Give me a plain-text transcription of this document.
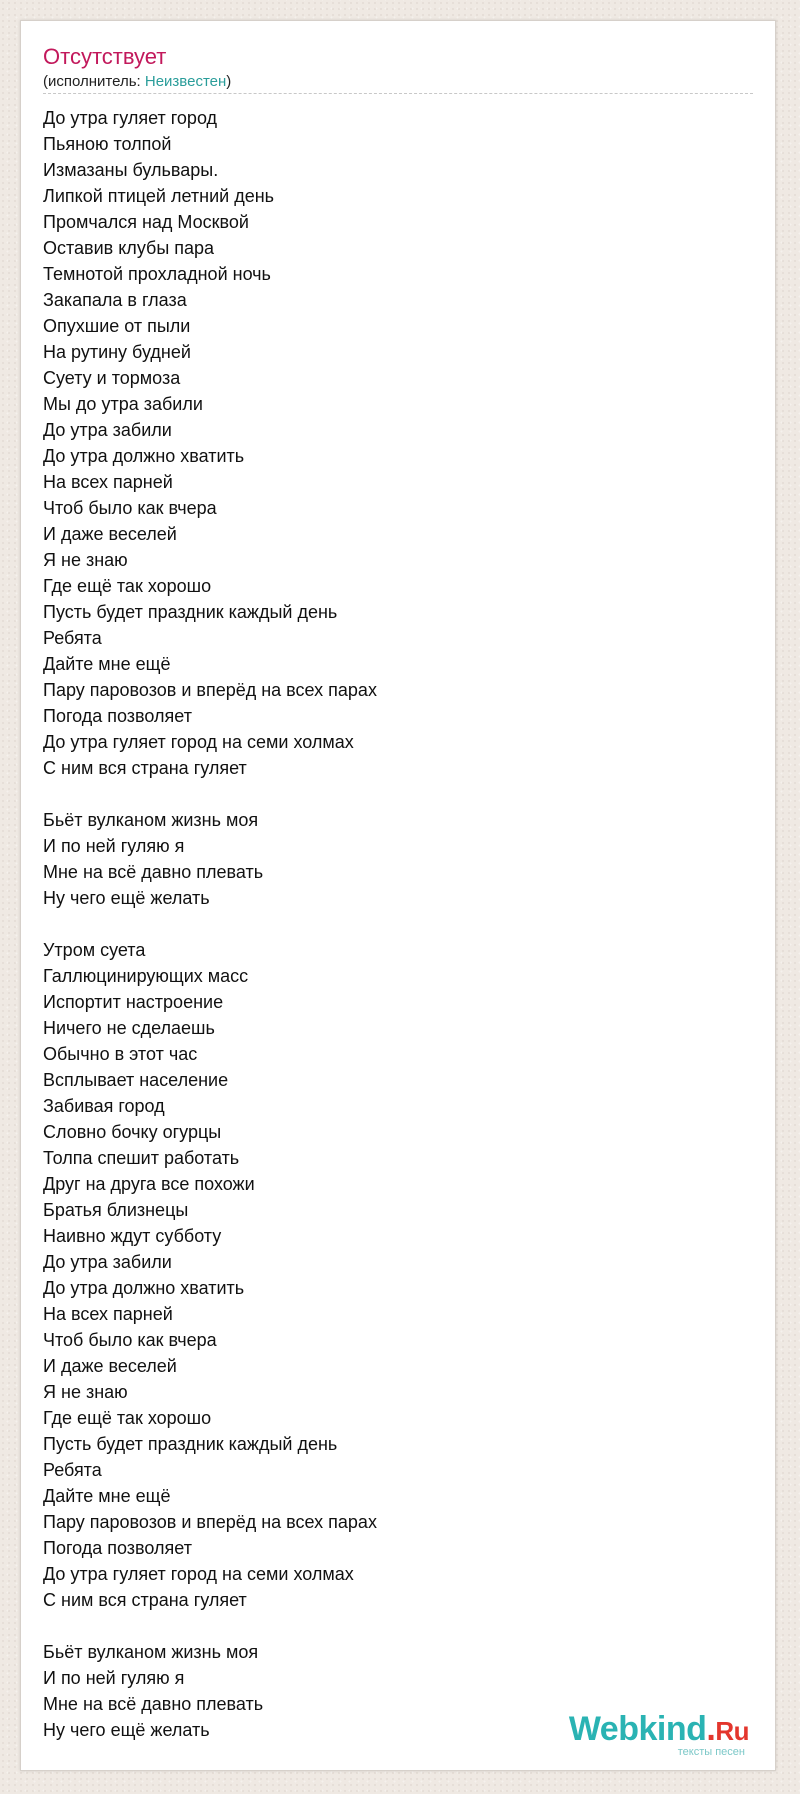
Отсутствует
(исполнитель: Неизвестен)
До утра гуляет город
Пьяною толпой
Измазаны бульвары.
Липкой птицей летний день
Промчался над Москвой
Оставив клубы пара
Темнотой прохладной ночь
Закапала в глаза
Опухшие от пыли
На рутину будней
Суету и тормоза
Мы до утра забили
До утра забили
До утра должно хватить
На всех парней
Чтоб было как вчера
И даже веселей
Я не знаю
Где ещё так хорошо
Пусть будет праздник каждый день
Ребята
Дайте мне ещё
Пару паровозов и вперёд на всех парах
Погода позволяет
До утра гуляет город на семи холмах
С ним вся страна гуляет
Бьёт вулканом жизнь моя
И по ней гуляю я
Мне на всё давно плевать
Ну чего ещё желать
Утром суета
Галлюцинирующих масс
Испортит настроение
Ничего не сделаешь
Обычно в этот час
Всплывает население
Забивая город
Словно бочку огурцы
Толпа спешит работать
Друг на друга все похожи
Братья близнецы
Наивно ждут субботу
До утра забили
До утра должно хватить
На всех парней
Чтоб было как вчера
И даже веселей
Я не знаю
Где ещё так хорошо
Пусть будет праздник каждый день
Ребята
Дайте мне ещё
Пару паровозов и вперёд на всех парах
Погода позволяет
До утра гуляет город на семи холмах
С ним вся страна гуляет
Бьёт вулканом жизнь моя
И по ней гуляю я
Мне на всё давно плевать
Ну чего ещё желать	Webkind.Ru
тексты песен
